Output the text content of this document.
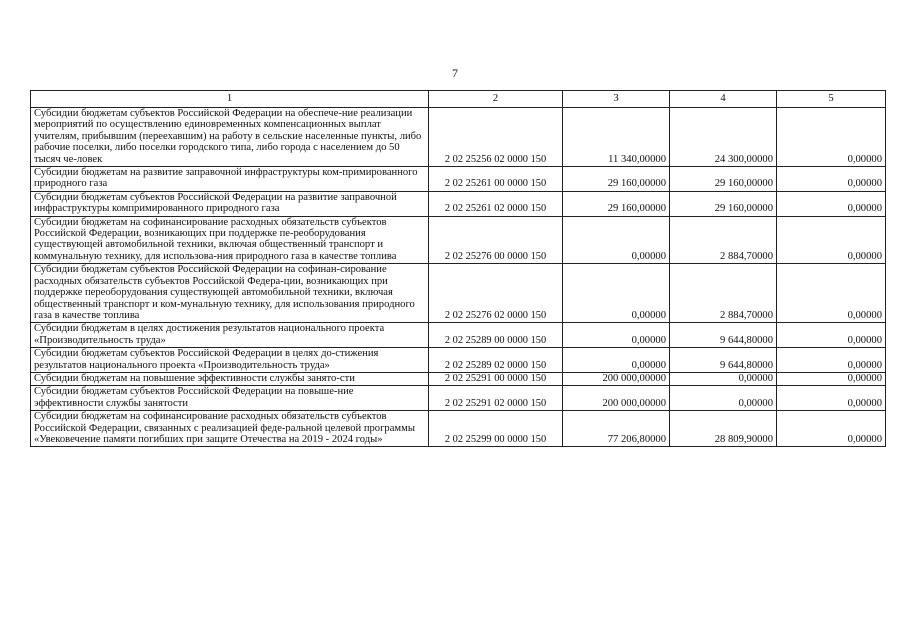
7
1	2	3	4	5
Субсидии бюджетам субъектов Российской Федерации на обеспече-ние реализации мероприятий по осуществлению единовременных компенсационных выплат учителям, прибывшим (переехавшим) на работу в сельские населенные пункты, либо рабочие поселки, либо поселки городского типа, либо города с населением до 50 тысяч че-ловек	2 02 25256 02 0000 150	11 340,00000	24 300,00000	0,00000
Субсидии бюджетам на развитие заправочной инфраструктуры ком-примированного природного газа	2 02 25261 00 0000 150	29 160,00000	29 160,00000	0,00000
Субсидии бюджетам субъектов Российской Федерации на развитие заправочной инфраструктуры компримированного природного газа	2 02 25261 02 0000 150	29 160,00000	29 160,00000	0,00000
Субсидии бюджетам на софинансирование расходных обязательств субъектов Российской Федерации, возникающих при поддержке пе-реоборудования существующей автомобильной техники, включая общественный транспорт и коммунальную технику, для использова-ния природного газа в качестве топлива	2 02 25276 00 0000 150	0,00000	2 884,70000	0,00000
Субсидии бюджетам субъектов Российской Федерации на софинан-сирование расходных обязательств субъектов Российской Федера-ции, возникающих при поддержке переоборудования существующей автомобильной техники, включая общественный транспорт и ком-мунальную технику, для использования природного газа в качестве топлива	2 02 25276 02 0000 150	0,00000	2 884,70000	0,00000
Субсидии бюджетам в целях достижения результатов национального проекта «Производительность труда»	2 02 25289 00 0000 150	0,00000	9 644,80000	0,00000
Субсидии бюджетам субъектов Российской Федерации в целях до-стижения результатов национального проекта «Производительность труда»	2 02 25289 02 0000 150	0,00000	9 644,80000	0,00000
Субсидии бюджетам на повышение эффективности службы занято-сти	2 02 25291 00 0000 150	200 000,00000	0,00000	0,00000
Субсидии бюджетам субъектов Российской Федерации на повыше-ние эффективности службы занятости	2 02 25291 02 0000 150	200 000,00000	0,00000	0,00000
Субсидии бюджетам на софинансирование расходных обязательств субъектов Российской Федерации, связанных с реализацией феде-ральной целевой программы «Увековечение памяти погибших при защите Отечества на 2019 - 2024 годы»	2 02 25299 00 0000 150	77 206,80000	28 809,90000	0,00000
